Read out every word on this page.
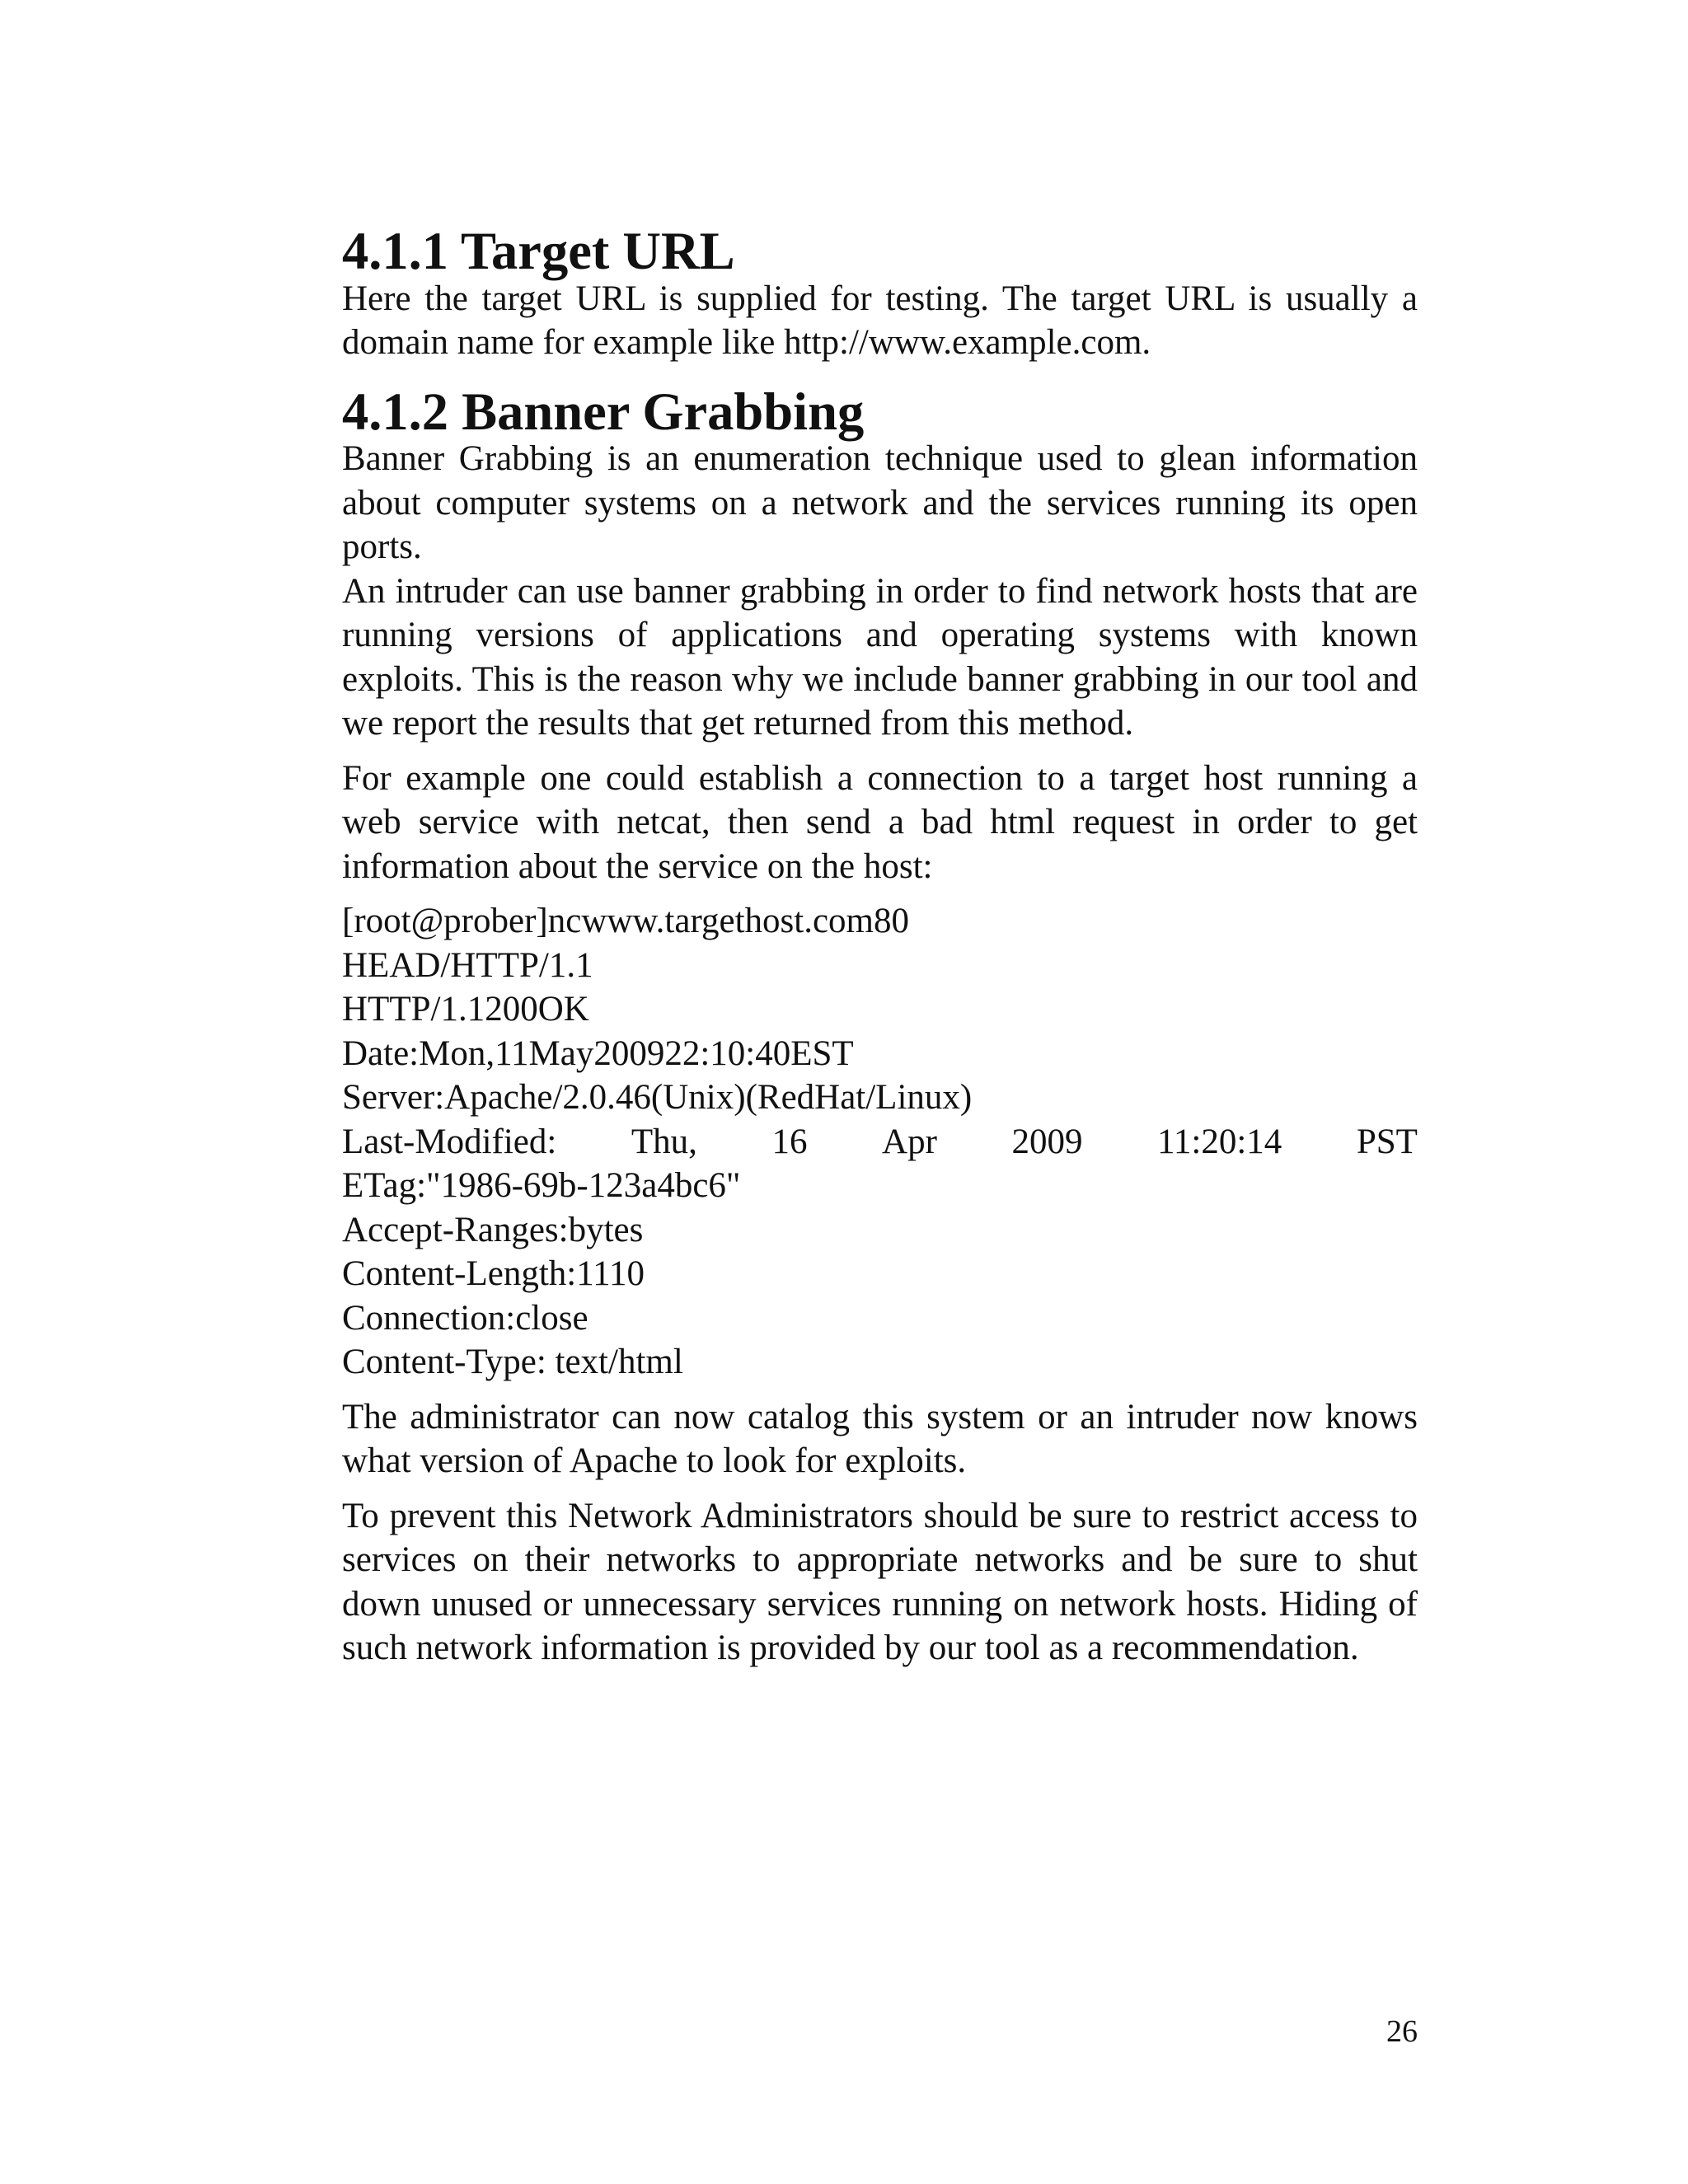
4.1.1 Target URL

Here the target URL is supplied for testing. The target URL is usually a domain name for example like http://www.example.com.

4.1.2 Banner Grabbing

Banner Grabbing is an enumeration technique used to glean information about computer systems on a network and the services running its open ports.

An intruder can use banner grabbing in order to find network hosts that are running versions of applications and operating systems with known exploits. This is the reason why we include banner grabbing in our tool and we report the results that get returned from this method.

For example one could establish a connection to a target host running a web service with netcat, then send a bad html request in order to get information about the service on the host:

[root@prober]ncwww.targethost.com80
HEAD/HTTP/1.1
HTTP/1.1200OK
Date:Mon,11May200922:10:40EST
Server:Apache/2.0.46(Unix)(RedHat/Linux)
Last-Modified: Thu, 16 Apr 2009 11:20:14 PST
ETag:"1986-69b-123a4bc6"
Accept-Ranges:bytes
Content-Length:1110
Connection:close
Content-Type: text/html

The administrator can now catalog this system or an intruder now knows what version of Apache to look for exploits.

To prevent this Network Administrators should be sure to restrict access to services on their networks to appropriate networks and be sure to shut down unused or unnecessary services running on network hosts. Hiding of such network information is provided by our tool as a recommendation.

26
